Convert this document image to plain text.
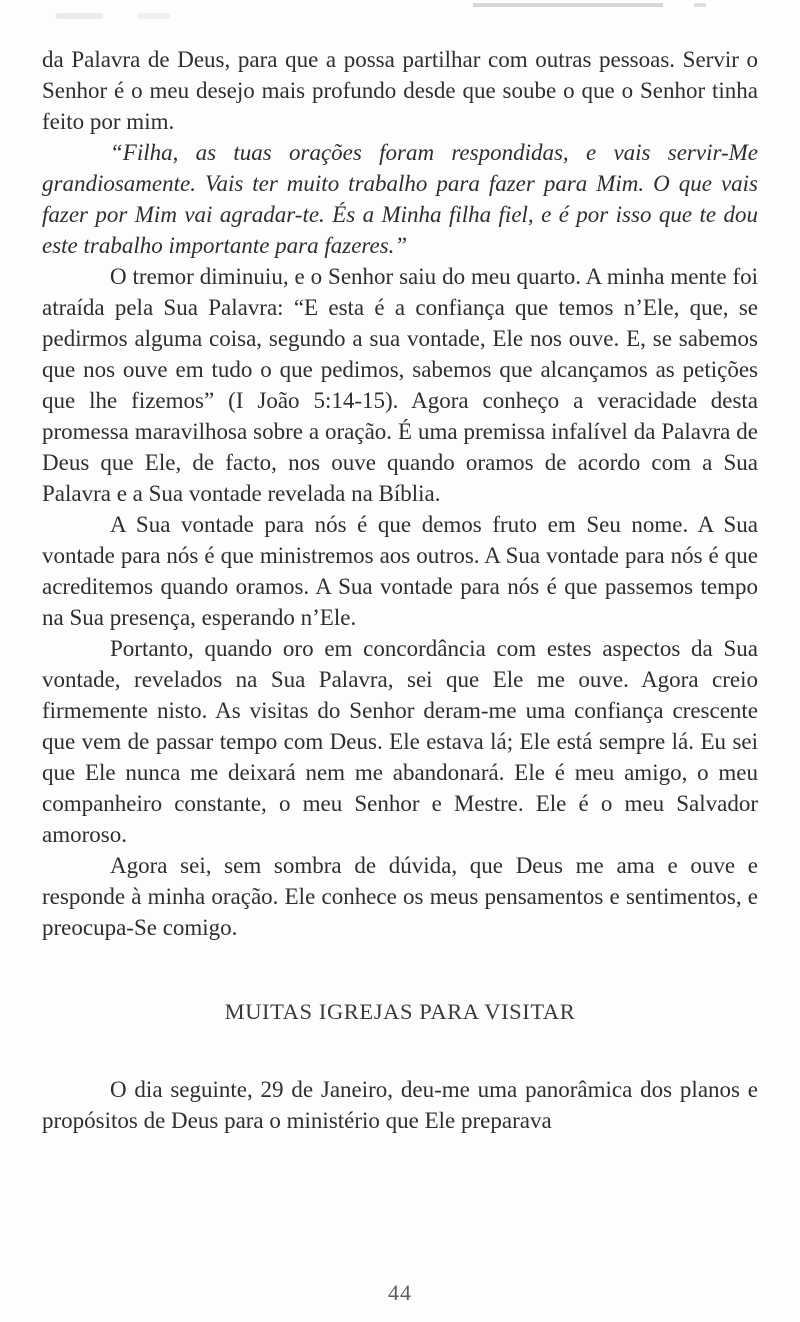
da Palavra de Deus, para que a possa partilhar com outras pessoas. Servir o Senhor é o meu desejo mais profundo desde que soube o que o Senhor tinha feito por mim.

“Filha, as tuas orações foram respondidas, e vais servir-Me grandiosamente. Vais ter muito trabalho para fazer para Mim. O que vais fazer por Mim vai agradar-te. És a Minha filha fiel, e é por isso que te dou este trabalho importante para fazeres.”

O tremor diminuiu, e o Senhor saiu do meu quarto. A minha mente foi atraída pela Sua Palavra: “E esta é a confiança que temos n’Ele, que, se pedirmos alguma coisa, segundo a sua vontade, Ele nos ouve. E, se sabemos que nos ouve em tudo o que pedimos, sabemos que alcançamos as petições que lhe fizemos” (I João 5:14-15). Agora conheço a veracidade desta promessa maravilhosa sobre a oração. É uma premissa infalível da Palavra de Deus que Ele, de facto, nos ouve quando oramos de acordo com a Sua Palavra e a Sua vontade revelada na Bíblia.

A Sua vontade para nós é que demos fruto em Seu nome. A Sua vontade para nós é que ministremos aos outros. A Sua vontade para nós é que acreditemos quando oramos. A Sua vontade para nós é que passemos tempo na Sua presença, esperando n’Ele.

Portanto, quando oro em concordância com estes aspectos da Sua vontade, revelados na Sua Palavra, sei que Ele me ouve. Agora creio firmemente nisto. As visitas do Senhor deram-me uma confiança crescente que vem de passar tempo com Deus. Ele estava lá; Ele está sempre lá. Eu sei que Ele nunca me deixará nem me abandonará. Ele é meu amigo, o meu companheiro constante, o meu Senhor e Mestre. Ele é o meu Salvador amoroso.

Agora sei, sem sombra de dúvida, que Deus me ama e ouve e responde à minha oração. Ele conhece os meus pensamentos e sentimentos, e preocupa-Se comigo.

MUITAS IGREJAS PARA VISITAR

O dia seguinte, 29 de Janeiro, deu-me uma panorâmica dos planos e propósitos de Deus para o ministério que Ele preparava

44
